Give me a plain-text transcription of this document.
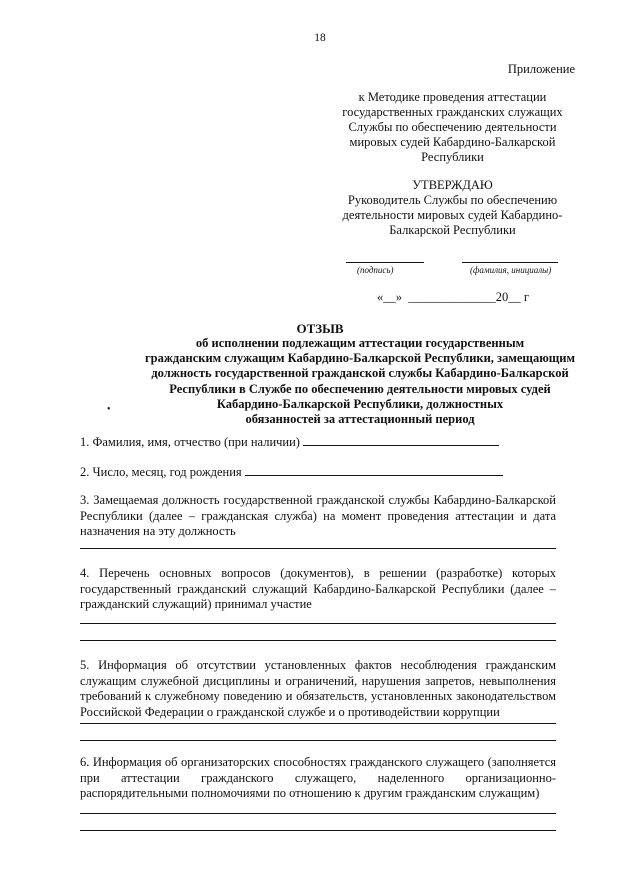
18
Приложение
к Методике проведения аттестации
государственных гражданских служащих
Службы по обеспечению деятельности
мировых судей Кабардино-Балкарской
Республики
УТВЕРЖДАЮ
Руководитель Службы по обеспечению
деятельности мировых судей Кабардино-
Балкарской Республики
(подпись)	(фамилия, инициалы)
«__»  ______________20__ г
ОТЗЫВ
об исполнении подлежащим аттестации государственным
гражданским служащим Кабардино-Балкарской Республики, замещающим
должность государственной гражданской службы Кабардино-Балкарской
Республики в Службе по обеспечению деятельности мировых судей
Кабардино-Балкарской Республики, должностных
обязанностей за аттестационный период
•
1. Фамилия, имя, отчество (при наличии)
2. Число, месяц, год рождения
3. Замещаемая должность государственной гражданской службы Кабардино-Балкарской Республики (далее – гражданская служба) на момент проведения аттестации и дата назначения на эту должность
4. Перечень основных вопросов (документов), в решении (разработке) которых государственный гражданский служащий Кабардино-Балкарской Республики (далее – гражданский служащий) принимал участие
5. Информация об отсутствии установленных фактов несоблюдения гражданским служащим служебной дисциплины и ограничений, нарушения запретов, невыполнения требований к служебному поведению и обязательств, установленных законодательством Российской Федерации о гражданской службе и о противодействии коррупции
6. Информация об организаторских способностях гражданского служащего (заполняется при аттестации гражданского служащего, наделенного организационно-распорядительными полномочиями по отношению к другим гражданским служащим)
